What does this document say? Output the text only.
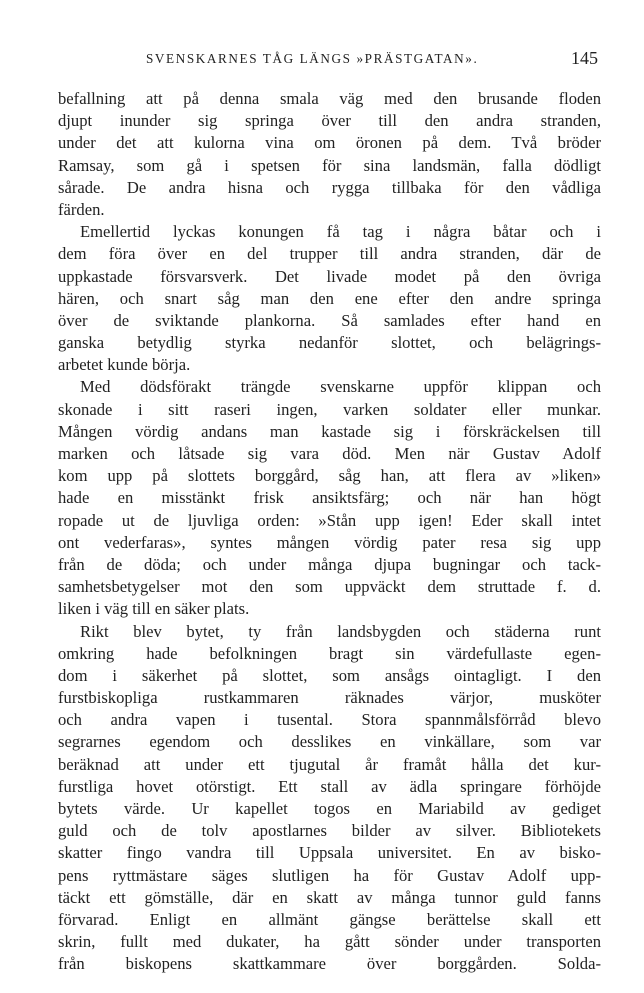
SVENSKARNES TÅG LÄNGS »PRÄSTGATAN».	145
befallning att på denna smala väg med den brusande floden
djupt inunder sig springa över till den andra stranden,
under det att kulorna vina om öronen på dem. Två bröder
Ramsay, som gå i spetsen för sina landsmän, falla dödligt
sårade. De andra hisna och rygga tillbaka för den vådliga
färden.
Emellertid lyckas konungen få tag i några båtar och i
dem föra över en del trupper till andra stranden, där de
uppkastade försvarsverk. Det livade modet på den övriga
hären, och snart såg man den ene efter den andre springa
över de sviktande plankorna. Så samlades efter hand en
ganska betydlig styrka nedanför slottet, och belägrings-
arbetet kunde börja.
Med dödsförakt trängde svenskarne uppför klippan och
skonade i sitt raseri ingen, varken soldater eller munkar.
Mången vördig andans man kastade sig i förskräckelsen till
marken och låtsade sig vara död. Men när Gustav Adolf
kom upp på slottets borggård, såg han, att flera av »liken»
hade en misstänkt frisk ansiktsfärg; och när han högt
ropade ut de ljuvliga orden: »Stån upp igen! Eder skall intet
ont vederfaras», syntes mången vördig pater resa sig upp
från de döda; och under många djupa bugningar och tack-
samhetsbetygelser mot den som uppväckt dem struttade f. d.
liken i väg till en säker plats.
Rikt blev bytet, ty från landsbygden och städerna runt
omkring hade befolkningen bragt sin värdefullaste egen-
dom i säkerhet på slottet, som ansågs ointagligt. I den
furstbiskopliga rustkammaren räknades värjor, musköter
och andra vapen i tusental. Stora spannmålsförråd blevo
segrarnes egendom och desslikes en vinkällare, som var
beräknad att under ett tjugutal år framåt hålla det kur-
furstliga hovet otörstigt. Ett stall av ädla springare förhöjde
bytets värde. Ur kapellet togos en Mariabild av gediget
guld och de tolv apostlarnes bilder av silver. Bibliotekets
skatter fingo vandra till Uppsala universitet. En av bisko-
pens ryttmästare säges slutligen ha för Gustav Adolf upp-
täckt ett gömställe, där en skatt av många tunnor guld fanns
förvarad. Enligt en allmänt gängse berättelse skall ett
skrin, fullt med dukater, ha gått sönder under transporten
från biskopens skattkammare över borggården. Solda-
